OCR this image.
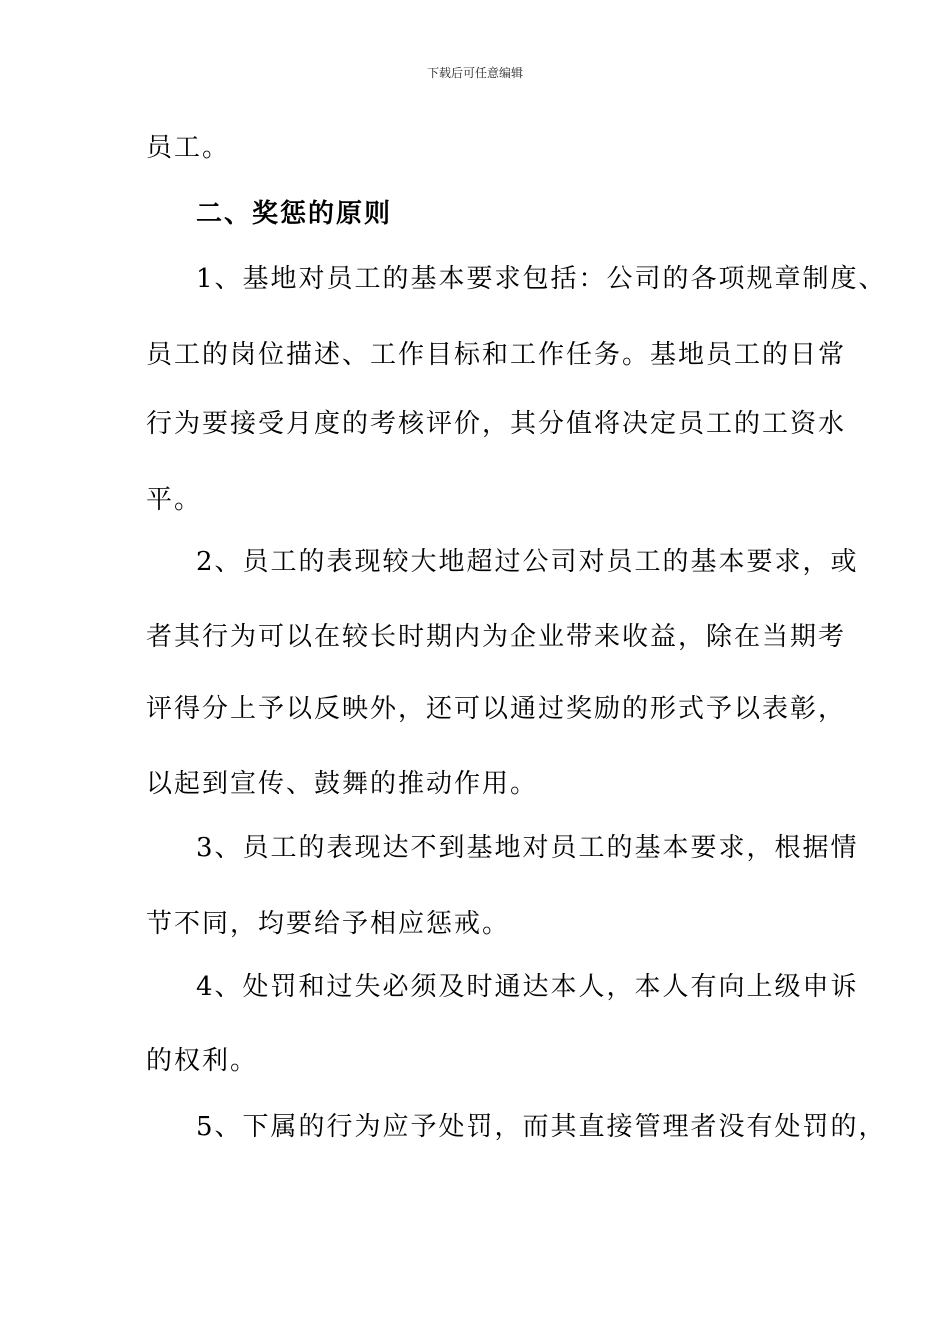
下载后可任意编辑
员工。
二、奖惩的原则
1、基地对员工的基本要求包括：公司的各项规章制度、
员工的岗位描述、工作目标和工作任务。基地员工的日常
行为要接受月度的考核评价，其分值将决定员工的工资水
平。
2、员工的表现较大地超过公司对员工的基本要求，或
者其行为可以在较长时期内为企业带来收益，除在当期考
评得分上予以反映外，还可以通过奖励的形式予以表彰，
以起到宣传、鼓舞的推动作用。
3、员工的表现达不到基地对员工的基本要求，根据情
节不同，均要给予相应惩戒。
4、处罚和过失必须及时通达本人，本人有向上级申诉
的权利。
5、下属的行为应予处罚，而其直接管理者没有处罚的，
